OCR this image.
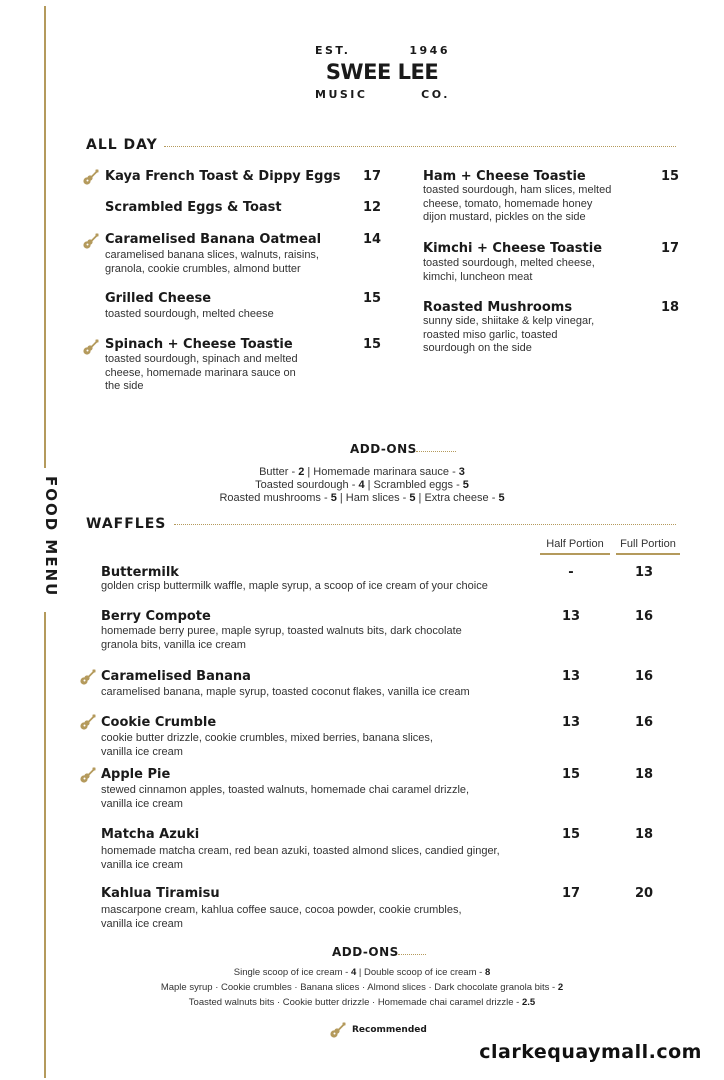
FOOD MENU
EST.	1946
SWEE LEE
MUSIC	CO.
ALL DAY
Kaya French Toast & Dippy Eggs	17
Scrambled Eggs & Toast	12
Caramelised Banana Oatmeal	14
caramelised banana slices, walnuts, raisins,
granola, cookie crumbles, almond butter
Grilled Cheese	15
toasted sourdough, melted cheese
Spinach + Cheese Toastie	15
toasted sourdough, spinach and melted
cheese, homemade marinara sauce on
the side
Ham + Cheese Toastie	15
toasted sourdough, ham slices, melted
cheese, tomato, homemade honey
dijon mustard, pickles on the side
Kimchi + Cheese Toastie	17
toasted sourdough, melted cheese,
kimchi, luncheon meat
Roasted Mushrooms	18
sunny side, shiitake & kelp vinegar,
roasted miso garlic, toasted
sourdough on the side
ADD-ONS
Butter - 2 | Homemade marinara sauce - 3
Toasted sourdough - 4 | Scrambled eggs - 5
Roasted mushrooms - 5 | Ham slices - 5 | Extra cheese - 5
WAFFLES
Half Portion	Full Portion
Buttermilk	-	13
golden crisp buttermilk waffle, maple syrup, a scoop of ice cream of your choice
Berry Compote	13	16
homemade berry puree, maple syrup, toasted walnuts bits, dark chocolate
granola bits, vanilla ice cream
Caramelised Banana	13	16
caramelised banana, maple syrup, toasted coconut flakes, vanilla ice cream
Cookie Crumble	13	16
cookie butter drizzle, cookie crumbles, mixed berries, banana slices,
vanilla ice cream
Apple Pie	15	18
stewed cinnamon apples, toasted walnuts, homemade chai caramel drizzle,
vanilla ice cream
Matcha Azuki	15	18
homemade matcha cream, red bean azuki, toasted almond slices, candied ginger,
vanilla ice cream
Kahlua Tiramisu	17	20
mascarpone cream, kahlua coffee sauce, cocoa powder, cookie crumbles,
vanilla ice cream
ADD-ONS
Single scoop of ice cream - 4 | Double scoop of ice cream - 8
Maple syrup · Cookie crumbles · Banana slices · Almond slices · Dark chocolate granola bits - 2
Toasted walnuts bits · Cookie butter drizzle · Homemade chai caramel drizzle - 2.5
Recommended
clarkequaymall.com
